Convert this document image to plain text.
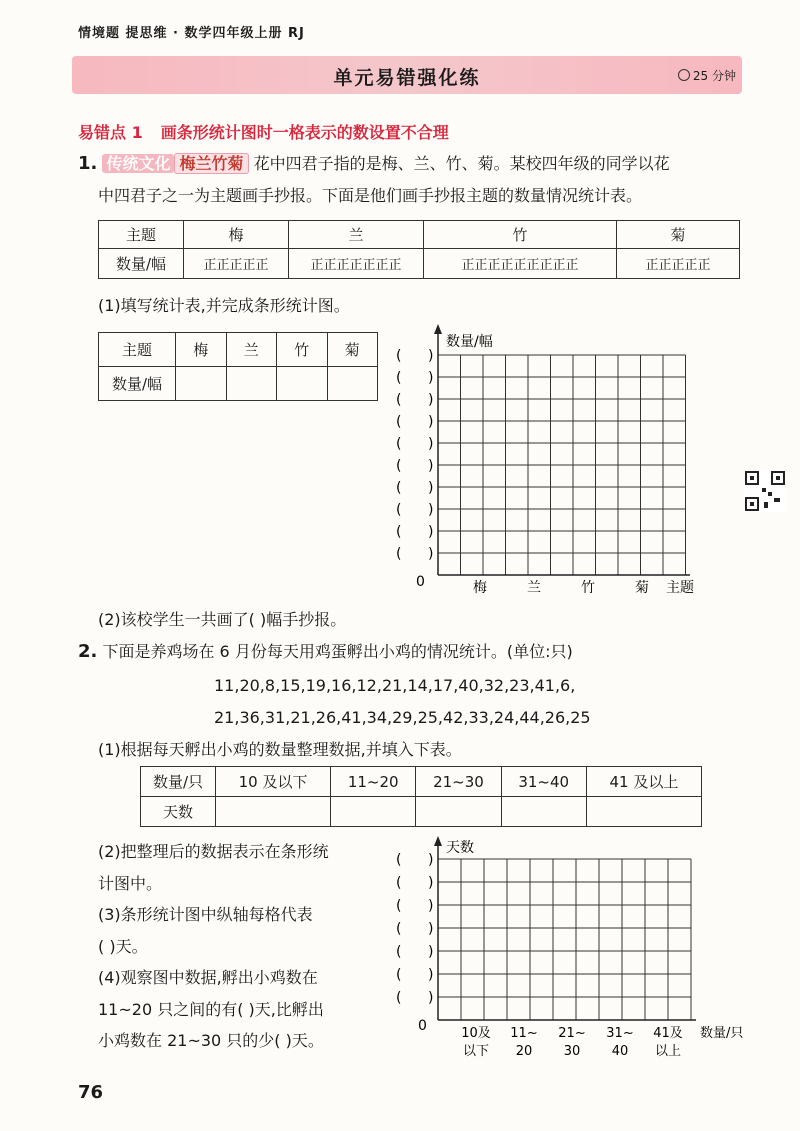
情境题 提思维 · 数学四年级上册 RJ
单元易错强化练	25 分钟
易错点 1 画条形统计图时一格表示的数设置不合理
1. 传统文化 梅兰竹菊 花中四君子指的是梅、兰、竹、菊。某校四年级的同学以花
中四君子之一为主题画手抄报。下面是他们画手抄报主题的数量情况统计表。
主题	梅	兰	竹	菊
数量/幅	正正正正正	正正正正正正正	正正正正正正正正正	正正正正正
(1)填写统计表,并完成条形统计图。
主题	梅	兰	竹	菊
数量/幅				
数量/幅
0	梅	兰	竹	菊 主题
( )
( )
( )
( )
( )
( )
( )
( )
( )
( )
(2)该校学生一共画了( )幅手抄报。
2. 下面是养鸡场在 6 月份每天用鸡蛋孵出小鸡的情况统计。(单位:只)
11,20,8,15,19,16,12,21,14,17,40,32,23,41,6,
21,36,31,21,26,41,34,29,25,42,33,24,44,26,25
(1)根据每天孵出小鸡的数量整理数据,并填入下表。
数量/只	10 及以下	11~20	21~30	31~40	41 及以上
天数					
(2)把整理后的数据表示在条形统
计图中。
(3)条形统计图中纵轴每格代表
( )天。
(4)观察图中数据,孵出小鸡数在
11~20 只之间的有( )天,比孵出
小鸡数在 21~30 只的少( )天。
天数
0	10及 11~ 21~ 31~ 41及
以下 20 30 40 以上
数量/只
( )
( )
( )
( )
( )
( )
( )
76
